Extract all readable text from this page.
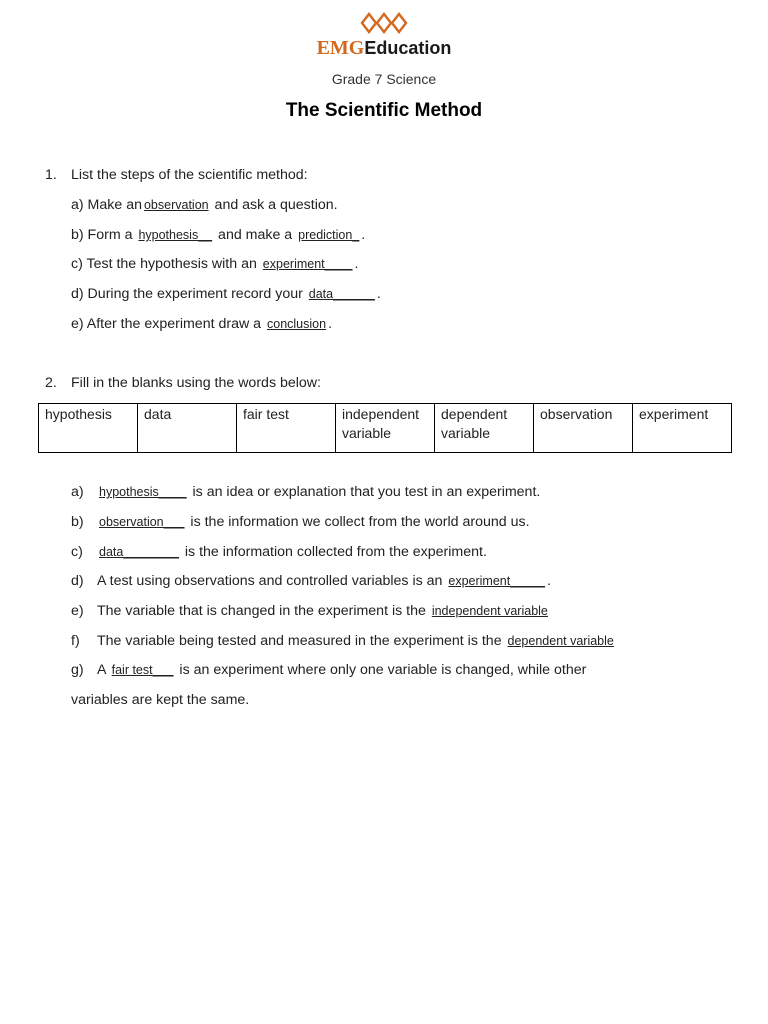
EMGEducation
Grade 7 Science
The Scientific Method
1. List the steps of the scientific method:
a) Make an observation and ask a question.
b) Form a hypothesis__ and make a prediction_ .
c) Test the hypothesis with an experiment____ .
d) During the experiment record your data______ .
e) After the experiment draw a conclusion .
2. Fill in the blanks using the words below:
hypothesis	data	fair test	independent variable	dependent variable	observation	experiment
a) hypothesis____ is an idea or explanation that you test in an experiment.
b) observation___ is the information we collect from the world around us.
c) data________ is the information collected from the experiment.
d) A test using observations and controlled variables is an experiment_____ .
e) The variable that is changed in the experiment is the independent variable
f) The variable being tested and measured in the experiment is the dependent variable
g) A fair test___ is an experiment where only one variable is changed, while other
variables are kept the same.
